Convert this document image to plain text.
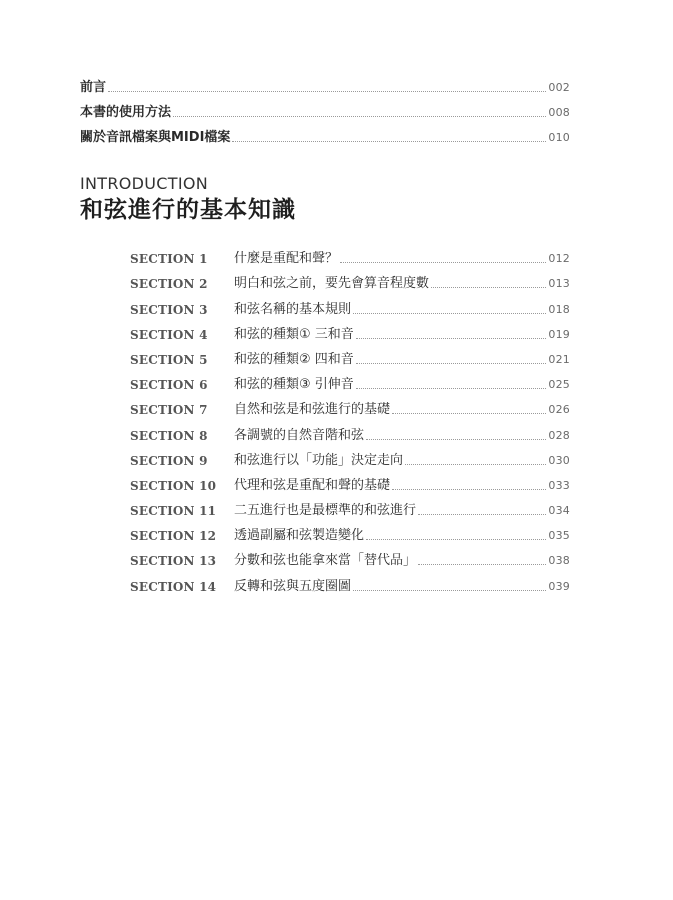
前言	002
本書的使用方法	008
關於音訊檔案與MIDI檔案	010
INTRODUCTION
和弦進行的基本知識
SECTION 1	什麼是重配和聲？	012
SECTION 2	明白和弦之前，要先會算音程度數	013
SECTION 3	和弦名稱的基本規則	018
SECTION 4	和弦的種類① 三和音	019
SECTION 5	和弦的種類② 四和音	021
SECTION 6	和弦的種類③ 引伸音	025
SECTION 7	自然和弦是和弦進行的基礎	026
SECTION 8	各調號的自然音階和弦	028
SECTION 9	和弦進行以「功能」決定走向	030
SECTION 10	代理和弦是重配和聲的基礎	033
SECTION 11	二五進行也是最標準的和弦進行	034
SECTION 12	透過副屬和弦製造變化	035
SECTION 13	分數和弦也能拿來當「替代品」	038
SECTION 14	反轉和弦與五度圈圖	039
